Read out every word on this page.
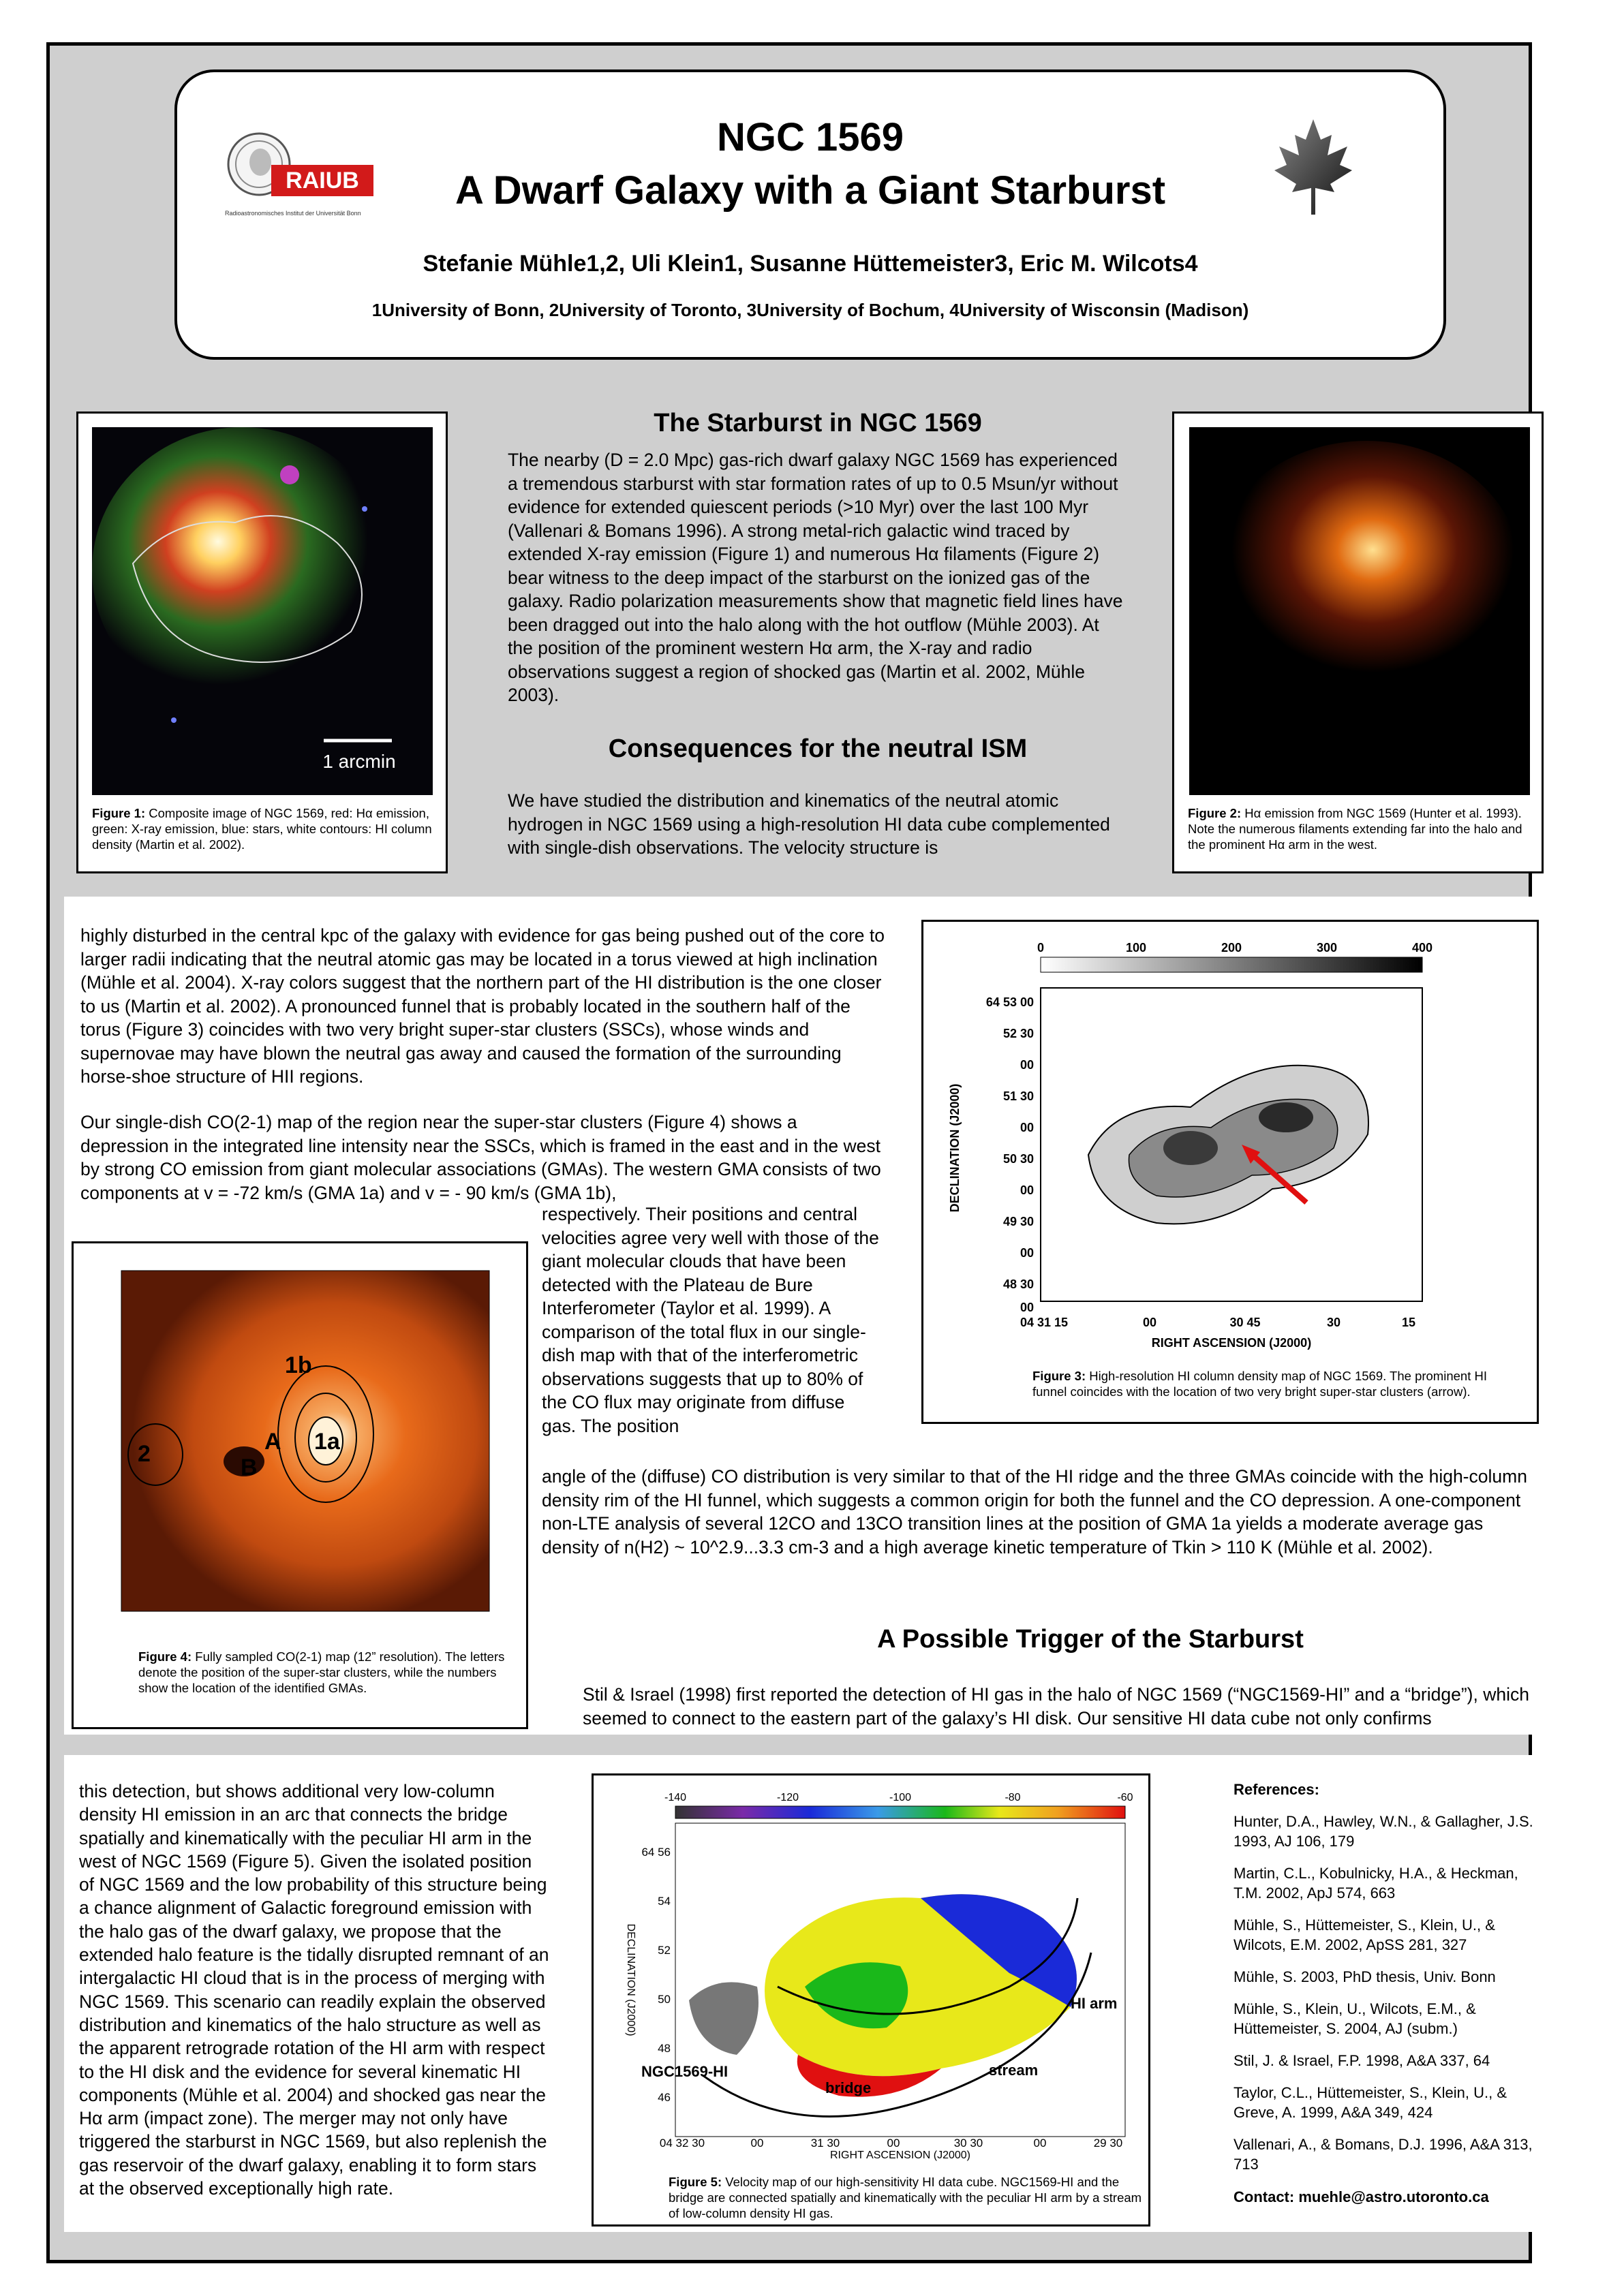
RAIUB
Radioastronomisches Institut der Universität Bonn
NGC 1569
A Dwarf Galaxy with a Giant Starburst
Stefanie Mühle1,2, Uli Klein1, Susanne Hüttemeister3, Eric M. Wilcots4
1University of Bonn, 2University of Toronto, 3University of Bochum, 4University of Wisconsin (Madison)
The Starburst in NGC 1569
The nearby (D = 2.0 Mpc) gas-rich dwarf galaxy NGC 1569 has experienced a tremendous starburst with star formation rates of up to 0.5 Msun/yr without evidence for extended quiescent periods (>10 Myr) over the last 100 Myr (Vallenari & Bomans 1996). A strong metal-rich galactic wind traced by extended X-ray emission (Figure 1) and numerous Hα filaments (Figure 2) bear witness to the deep impact of the starburst on the ionized gas of the galaxy. Radio polarization measurements show that magnetic field lines have been dragged out into the halo along with the hot outflow (Mühle 2003). At the position of the prominent western Hα arm, the X-ray and radio observations suggest a region of shocked gas (Martin et al. 2002, Mühle 2003).
1 arcmin
Figure 1: Composite image of NGC 1569, red: Hα emission, green: X-ray emission, blue: stars, white contours: HI column density (Martin et al. 2002).
Figure 2: Hα emission from NGC 1569 (Hunter et al. 1993). Note the numerous filaments extending far into the halo and the prominent Hα arm in the west.
Consequences for the neutral ISM
We have studied the distribution and kinematics of the neutral atomic hydrogen in NGC 1569 using a high-resolution HI data cube complemented with single-dish observations. The velocity structure is
highly disturbed in the central kpc of the galaxy with evidence for gas being pushed out of the core to larger radii indicating that the neutral atomic gas may be located in a torus viewed at high inclination (Mühle et al. 2004). X-ray colors suggest that the northern part of the HI distribution is the one closer to us (Martin et al. 2002). A pronounced funnel that is probably located in the southern half of the torus (Figure 3) coincides with two very bright super-star clusters (SSCs), whose winds and supernovae may have blown the neutral gas away and caused the formation of the surrounding horse-shoe structure of HII regions.
Our single-dish CO(2-1) map of the region near the super-star clusters (Figure 4) shows a depression in the integrated line intensity near the SSCs, which is framed in the east and in the west by strong CO emission from giant molecular associations (GMAs). The western GMA consists of two components at v = -72 km/s (GMA 1a) and v = - 90 km/s (GMA 1b),
respectively. Their positions and central velocities agree very well with those of the giant molecular clouds that have been detected with the Plateau de Bure Interferometer (Taylor et al. 1999). A comparison of the total flux in our single-dish map with that of the interferometric observations suggests that up to 80% of the CO flux may originate from diffuse gas. The position
angle of the (diffuse) CO distribution is very similar to that of the HI ridge and the three GMAs coincide with the high-column density rim of the HI funnel, which suggests a common origin for both the funnel and the CO depression. A one-component non-LTE analysis of several 12CO and 13CO transition lines at the position of GMA 1a yields a moderate average gas density of n(H2) ~ 10^2.9...3.3 cm-3 and a high average kinetic temperature of Tkin > 110 K (Mühle et al. 2002).
0	100	200	300	400
DECLINATION (J2000)
RIGHT ASCENSION (J2000)
64 53 00
52 30
00
51 30
00
50 30
00
49 30
00
48 30
00
04 31 15	00	30 45	30	15
Figure 3: High-resolution HI column density map of NGC 1569. The prominent HI funnel coincides with the location of two very bright super-star clusters (arrow).
1b
1a
2	A
B
Figure 4: Fully sampled CO(2-1) map (12” resolution). The letters denote the position of the super-star clusters, while the numbers show the location of the identified GMAs.
A Possible Trigger of the Starburst
Stil & Israel (1998) first reported the detection of HI gas in the halo of NGC 1569 (“NGC1569-HI” and a “bridge”), which seemed to connect to the eastern part of the galaxy’s HI disk. Our sensitive HI data cube not only confirms
this detection, but shows additional very low-column density HI emission in an arc that connects the bridge spatially and kinematically with the peculiar HI arm in the west of NGC 1569 (Figure 5). Given the isolated position of NGC 1569 and the low probability of this structure being a chance alignment of Galactic foreground emission with the halo gas of the dwarf galaxy, we propose that the extended halo feature is the tidally disrupted remnant of an intergalactic HI cloud that is in the process of merging with NGC 1569. This scenario can readily explain the observed distribution and kinematics of the halo structure as well as the apparent retrograde rotation of the HI arm with respect to the HI disk and the evidence for several kinematic HI components (Mühle et al. 2004) and shocked gas near the Hα arm (impact zone). The merger may not only have triggered the starburst in NGC 1569, but also replenish the gas reservoir of the dwarf galaxy, enabling it to form stars at the observed exceptionally high rate.
-140	-120	-100	-80	-60
DECLINATION (J2000)
RIGHT ASCENSION (J2000)
64 56
54
52
50
48
46
04 32 30	00	31 30	00	30 30	00	29 30
HI arm
NGC1569-HI
bridge
stream
Figure 5: Velocity map of our high-sensitivity HI data cube. NGC1569-HI and the bridge are connected spatially and kinematically with the peculiar HI arm by a stream of low-column density HI gas.

References:

Hunter, D.A., Hawley, W.N., & Gallagher, J.S. 1993, AJ 106, 179

Martin, C.L., Kobulnicky, H.A., & Heckman, T.M. 2002, ApJ 574, 663

Mühle, S., Hüttemeister, S., Klein, U., & Wilcots, E.M. 2002, ApSS 281, 327

Mühle, S. 2003, PhD thesis, Univ. Bonn

Mühle, S., Klein, U., Wilcots, E.M., & Hüttemeister, S. 2004, AJ (subm.)

Stil, J. & Israel, F.P. 1998, A&A 337, 64

Taylor, C.L., Hüttemeister, S., Klein, U., & Greve, A. 1999, A&A 349, 424

Vallenari, A., & Bomans, D.J. 1996, A&A 313, 713

Contact: muehle@astro.utoronto.ca
